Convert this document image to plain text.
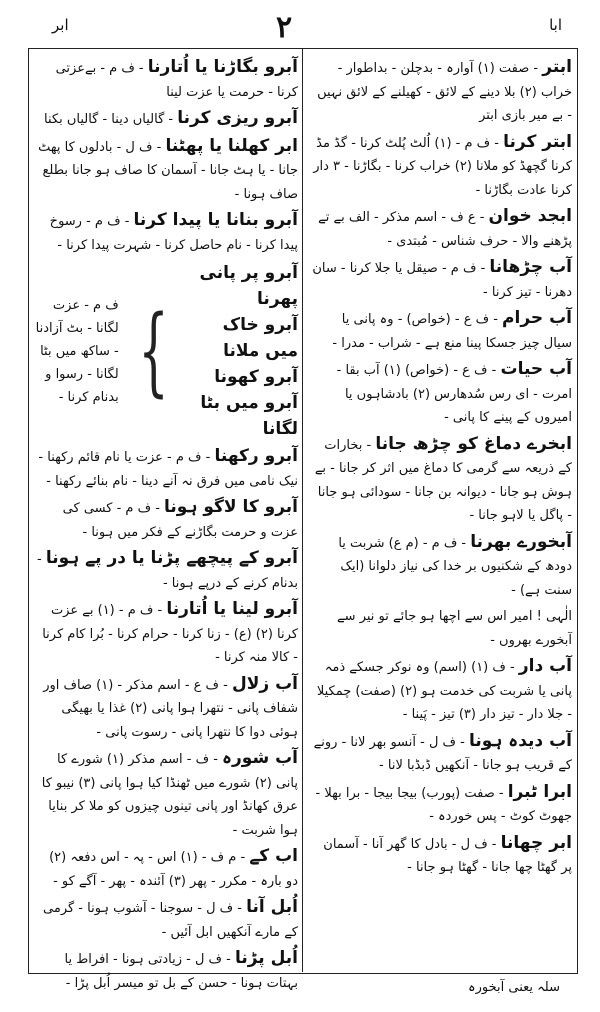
ابر	۲	ابا

ابتر - صفت (۱) آوارہ - بدچلن - بداطوار - خراب (۲) بلا دینے کے لائق - کھیلنے کے لائق نہیں - بے میر بازی ابتر

ابتر کرنا - ف م - (۱) اُلٹ پُلٹ کرنا - گڈ مڈ کرنا گچھڈ کو ملانا (۲) خراب کرنا - بگاڑنا - ۳ دار کرنا عادت بگاڑنا -

ابجد خوان - ع ف - اسم مذکر - الف بے تے پڑھنے والا - حرف شناس - مُبتدی -

آب چڑھانا - ف م - صیقل یا جلا کرنا - سان دھرنا - تیز کرنا -

آب حرام - ف ع - (خواص) - وہ پانی یا سیال چیز جسکا پینا منع ہے - شراب - مدرا -

آب حیات - ف ع - (خواص) (۱) آب بقا - امرت - ای رس سُدھارس (۲) بادشاہوں یا امیروں کے پینے کا پانی -

ابخرے دماغ کو چڑھ جانا - بخارات کے ذریعہ سے گرمی کا دماغ میں اثر کر جانا - بے ہوش ہو جانا - دیوانہ بن جانا - سودائی ہو جانا - پاگل یا لاہو جانا -

آبخورے بھرنا - ف م - (م ع) شربت یا دودھ کے شکنیوں بر خدا کی نیاز دلوانا (ایک سنت ہے) -

الٰہی ! امیر اس سے اچھا ہو جائے تو نیر سے آبخورے بھروں -

آب دار - ف (۱) (اسم) وہ نوکر جسکے ذمہ پانی یا شربت کی خدمت ہو (۲) (صفت) چمکیلا - جلا دار - تیز دار (۳) تیز - پَینا -

آب دیدہ ہونا - ف ل - آنسو بھر لانا - رونے کے قریب ہو جانا - آنکھیں ڈبڈبا لانا -

ابرا ٹبرا - صفت (پورب) بیجا بیجا - برا بھلا - جھوٹ کوٹ - پس خوردہ -

ابر چھانا - ف ل - بادل کا گھر آنا - آسمان پر گھٹا چھا جانا - گھٹا ہو جانا -

آبرو بگاڑنا یا اُتارنا - ف م - بےعزتی کرنا - حرمت یا عزت لینا

آبرو ریزی کرنا - گالیاں دینا - گالیاں بکنا

ابر کھلنا یا پھٹنا - ف ل - بادلوں کا پھٹ جانا - یا ہٹ جانا - آسمان کا صاف ہو جانا بطلع صاف ہونا -

آبرو بنانا یا پیدا کرنا - ف م - رسوخ پیدا کرنا - نام حاصل کرنا - شہرت پیدا کرنا -

آبرو پر پانی پھرنا
آبرو خاک میں ملانا
آبرو کھونا
آبرو میں بٹا لگانا
}
ف م - عزت لگانا - بٹ آزادنا - ساکھ میں بٹا لگانا - رسوا و بدنام کرنا -

آبرو رکھنا - ف م - عزت یا نام قائم رکھنا - نیک نامی میں فرق نہ آنے دینا - نام بنائے رکھنا -

آبرو کا لاگو ہونا - ف م - کسی کی عزت و حرمت بگاڑنے کے فکر میں ہونا -

آبرو کے پیچھے پڑنا یا در پے ہونا - بدنام کرنے کے درپے ہونا -

آبرو لینا یا اُتارنا - ف م - (۱) بے عزت کرنا (۲) (ع) - زنا کرنا - حرام کرنا - بُرا کام کرنا - کالا منہ کرنا -

آب زلال - ف ع - اسم مذکر - (۱) صاف اور شفاف پانی - نتھرا ہوا پانی (۲) غذا یا بھیگی ہوئی دوا کا نتھرا پانی - رسوت پانی -

آب شورہ - ف - اسم مذکر (۱) شورے کا پانی (۲) شورے میں ٹھنڈا کیا ہوا پانی (۳) نیبو کا عرق کھانڈ اور پانی تینوں چیزوں کو ملا کر بنایا ہوا شربت -

اب کے - م ف - (۱) اس - پہ - اس دفعہ (۲) دو بارہ - مکرر - پھر (۳) آئندہ - پھر - آگے کو -

اُبل آنا - ف ل - سوجنا - آشوب ہونا - گرمی کے مارے آنکھیں ابل آئیں -

اُبل پڑنا - ف ل - زیادتی ہونا - افراط یا بہتات ہونا - حسن کے بل تو میسر اُبل پڑا -	سلہ یعنی آبخورہ
